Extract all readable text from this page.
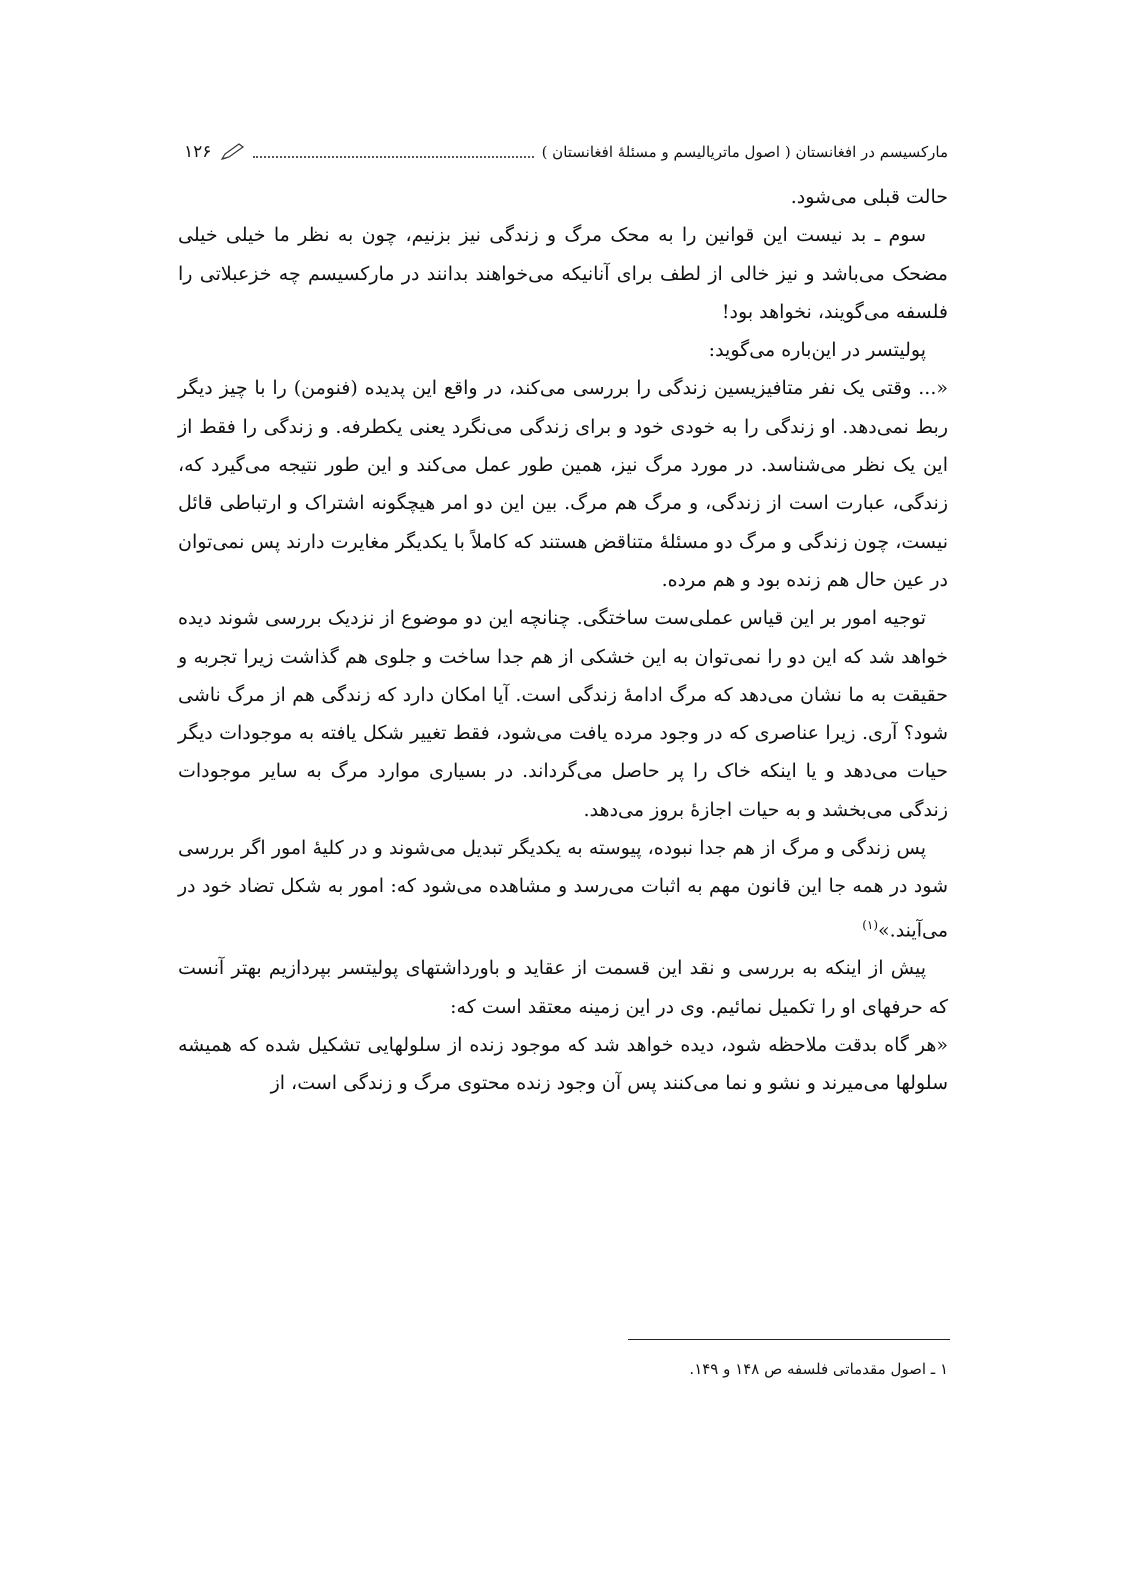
مارکسیسم در افغانستان ( اصول ماتریالیسم و مسئلهٔ افغانستان )
۱۲۶

حالت قبلی می‌شود.

سوم ـ بد نیست این قوانین را به محک مرگ و زندگی نیز بزنیم، چون به نظر ما خیلی خیلی مضحک می‌باشد و نیز خالی از لطف برای آنانیکه می‌خواهند بدانند در مارکسیسم چه خزعبلاتی را فلسفه می‌گویند، نخواهد بود!

پولیتسر در این‌باره می‌گوید:

«... وقتی یک نفر متافیزیسین زندگی را بررسی می‌کند، در واقع این پدیده (فنومن) را با چیز دیگر ربط نمی‌دهد. او زندگی را به خودی خود و برای زندگی می‌نگرد یعنی یکطرفه. و زندگی را فقط از این یک نظر می‌شناسد. در مورد مرگ نیز، همین طور عمل می‌کند و این طور نتیجه می‌گیرد که، زندگی، عبارت است از زندگی، و مرگ هم مرگ. بین این دو امر هیچگونه اشتراک و ارتباطی قائل نیست، چون زندگی و مرگ دو مسئلهٔ متناقض هستند که کاملاً با یکدیگر مغایرت دارند پس نمی‌توان در عین حال هم زنده بود و هم مرده.

توجیه امور بر این قیاس عملی‌ست ساختگی. چنانچه این دو موضوع از نزدیک بررسی شوند دیده خواهد شد که این دو را نمی‌توان به این خشکی از هم جدا ساخت و جلوی هم گذاشت زیرا تجربه و حقیقت به ما نشان می‌دهد که مرگ ادامهٔ زندگی است. آیا امکان دارد که زندگی هم از مرگ ناشی شود؟ آری. زیرا عناصری که در وجود مرده یافت می‌شود، فقط تغییر شکل یافته به موجودات دیگر حیات می‌دهد و یا اینکه خاک را پر حاصل می‌گرداند. در بسیاری موارد مرگ به سایر موجودات زندگی می‌بخشد و به حیات اجازهٔ بروز می‌دهد.

پس زندگی و مرگ از هم جدا نبوده، پیوسته به یکدیگر تبدیل می‌شوند و در کلیهٔ امور اگر بررسی شود در همه جا این قانون مهم به اثبات می‌رسد و مشاهده می‌شود که: امور به شکل تضاد خود در می‌آیند.»$^{(۱)}$

پیش از اینکه به بررسی و نقد این قسمت از عقاید و باورداشتهای پولیتسر بپردازیم بهتر آنست که حرفهای او را تکمیل نمائیم. وی در این زمینه معتقد است که:

«هر گاه بدقت ملاحظه شود، دیده خواهد شد که موجود زنده از سلولهایی تشکیل شده که همیشه سلولها می‌میرند و نشو و نما می‌کنند پس آن وجود زنده محتوی مرگ و زندگی است، از

۱ ـ اصول مقدماتی فلسفه ص ۱۴۸ و ۱۴۹.
